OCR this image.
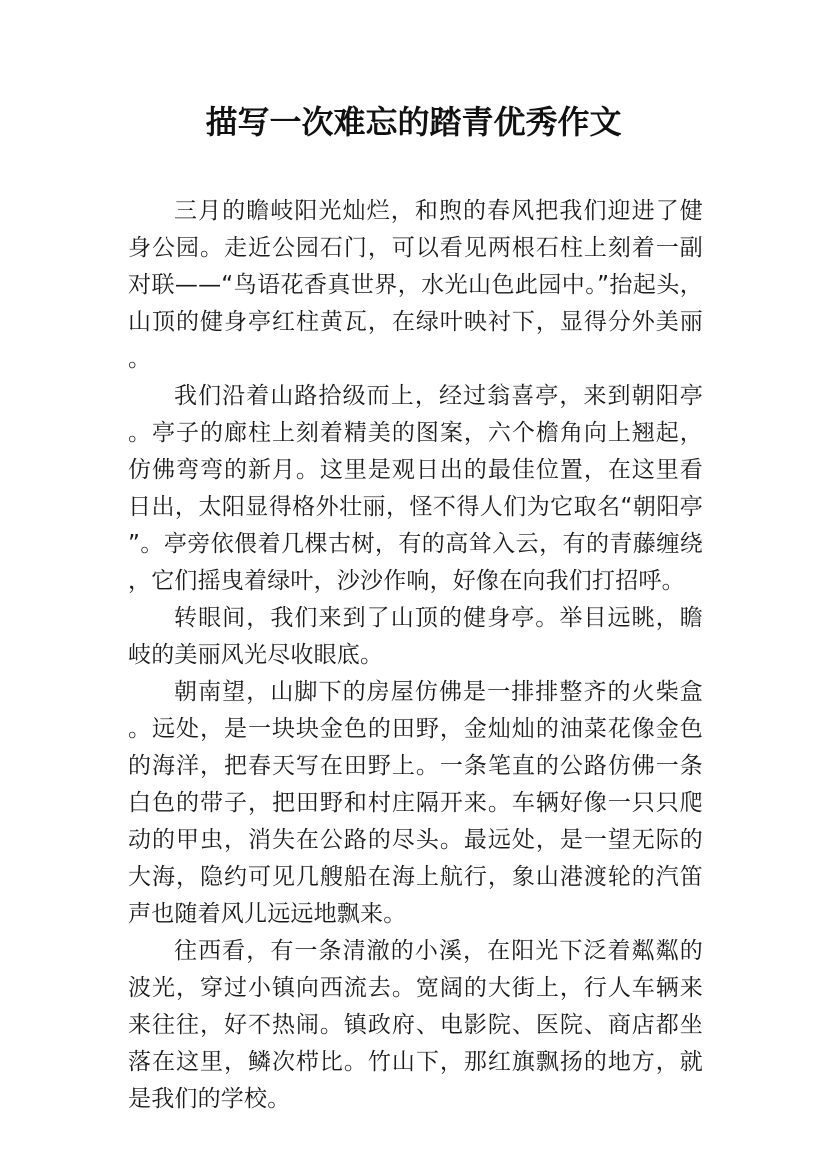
描写一次难忘的踏青优秀作文

三月的瞻岐阳光灿烂，和煦的春风把我们迎进了健身公园。走近公园石门，可以看见两根石柱上刻着一副对联——“鸟语花香真世界，水光山色此园中。”抬起头，山顶的健身亭红柱黄瓦，在绿叶映衬下，显得分外美丽。

我们沿着山路拾级而上，经过翁喜亭，来到朝阳亭。亭子的廊柱上刻着精美的图案，六个檐角向上翘起，仿佛弯弯的新月。这里是观日出的最佳位置，在这里看日出，太阳显得格外壮丽，怪不得人们为它取名“朝阳亭”。亭旁依偎着几棵古树，有的高耸入云，有的青藤缠绕，它们摇曳着绿叶，沙沙作响，好像在向我们打招呼。

转眼间，我们来到了山顶的健身亭。举目远眺，瞻岐的美丽风光尽收眼底。

朝南望，山脚下的房屋仿佛是一排排整齐的火柴盒。远处，是一块块金色的田野，金灿灿的油菜花像金色的海洋，把春天写在田野上。一条笔直的公路仿佛一条白色的带子，把田野和村庄隔开来。车辆好像一只只爬动的甲虫，消失在公路的尽头。最远处，是一望无际的大海，隐约可见几艘船在海上航行，象山港渡轮的汽笛声也随着风儿远远地飘来。

往西看，有一条清澈的小溪，在阳光下泛着粼粼的波光，穿过小镇向西流去。宽阔的大街上，行人车辆来来往往，好不热闹。镇政府、电影院、医院、商店都坐落在这里，鳞次栉比。竹山下，那红旗飘扬的地方，就是我们的学校。
